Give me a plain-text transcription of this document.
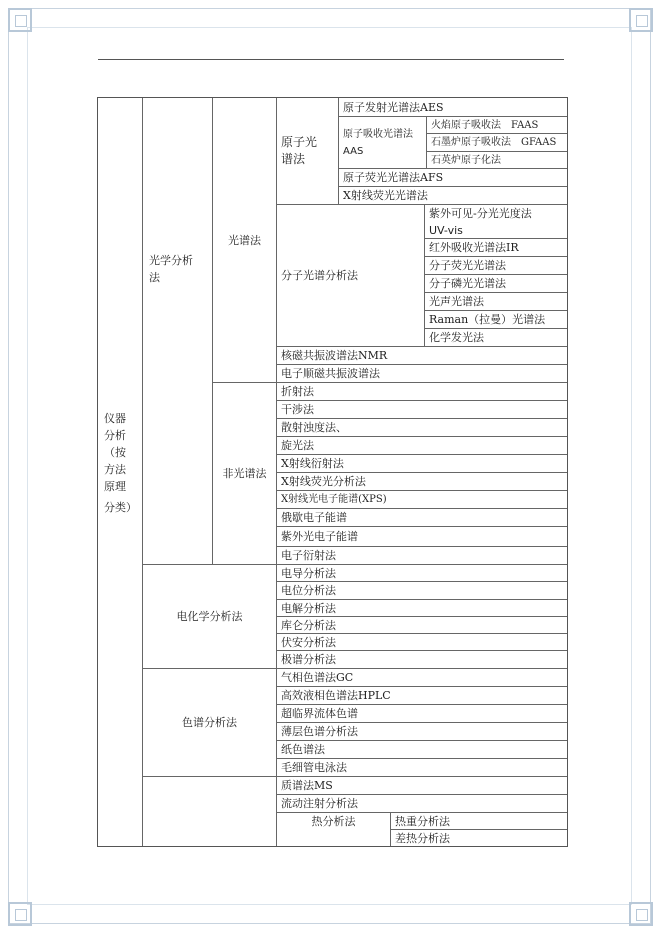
仪器
分析
（按
方法
原理
分类）
光学分析
法
光谱法
非光谱法
原子光
谱法
原子发射光谱法AES
原子吸收光谱法
AAS
火焰原子吸收法　FAAS
石墨炉原子吸收法　GFAAS
石英炉原子化法
原子荧光光谱法AFS
X射线荧光光谱法
分子光谱分析法
紫外可见-分光光度法
UV-vis
红外吸收光谱法IR
分子荧光光谱法
分子磷光光谱法
光声光谱法
Raman（拉曼）光谱法
化学发光法
核磁共振波谱法NMR
电子顺磁共振波谱法
折射法
干涉法
散射浊度法、
旋光法
X射线衍射法
X射线荧光分析法
X射线光电子能谱(XPS)
俄歇电子能谱
紫外光电子能谱
电子衍射法
电化学分析法
电导分析法
电位分析法
电解分析法
库仑分析法
伏安分析法
极谱分析法
色谱分析法
气相色谱法GC
高效液相色谱法HPLC
超临界流体色谱
薄层色谱分析法
纸色谱法
毛细管电泳法
质谱法MS
流动注射分析法
热分析法	热重分析法
差热分析法
